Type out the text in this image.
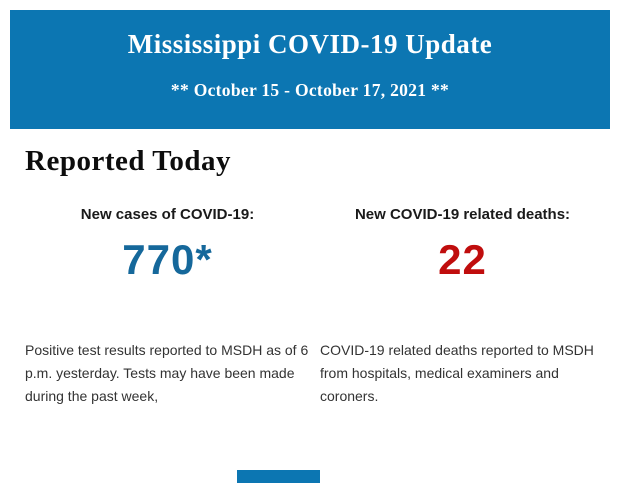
Mississippi COVID-19 Update
** October 15 - October 17, 2021 **
Reported Today
New cases of COVID-19:
770*
Positive test results reported to MSDH as of 6 p.m. yesterday. Tests may have been made during the past week,
New COVID-19 related deaths:
22
COVID-19 related deaths reported to MSDH from hospitals, medical examiners and coroners.
